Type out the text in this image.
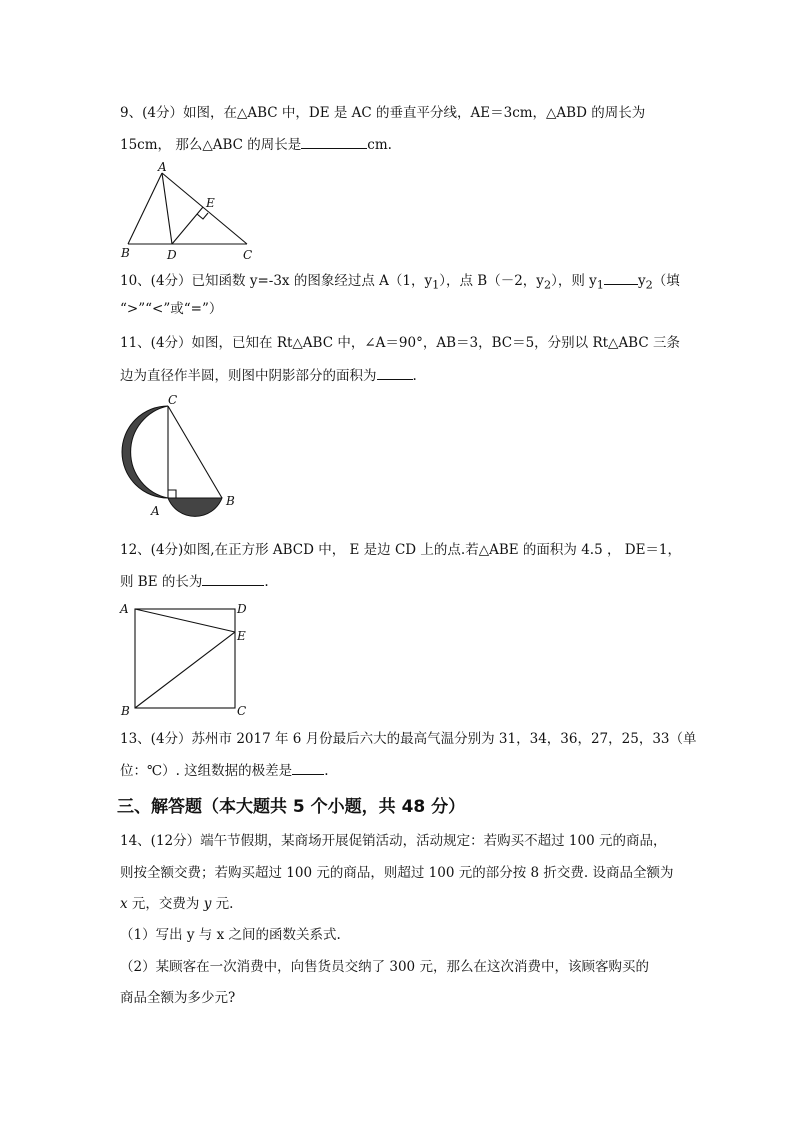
9、(4分）如图，在△ABC 中，DE 是 AC 的垂直平分线，AE＝3cm，△ABD 的周长为
15cm， 那么△ABC 的周长是	cm.
A
B	D	C
E
10、(4分）已知函数 y=-3x 的图象经过点 A（1，$y_1$），点 B（－2，$y_2$），则 $y_1$	$y_2$（填
“>”“<”或“=”）
11、(4分）如图，已知在 Rt△ABC 中，∠A＝90°，AB＝3，BC＝5，分别以 Rt△ABC 三条
边为直径作半圆，则图中阴影部分的面积为	.
C
A
B
12、(4分)如图,在正方形 ABCD 中， E 是边 CD 上的点.若△ABE 的面积为 4.5 ， DE＝1，
则 BE 的长为	.
A	D
E
B	C
13、(4分）苏州市 2017 年 6 月份最后六大的最高气温分别为 31，34，36，27，25，33（单
位：℃）. 这组数据的极差是 .
三、解答题（本大题共 5 个小题，共 48 分）
14、(12分）端午节假期，某商场开展促销活动，活动规定：若购买不超过 100 元的商品，
则按全额交费；若购买超过 100 元的商品，则超过 100 元的部分按 8 折交费. 设商品全额为
x 元，交费为 y 元.
（1）写出 y 与 x 之间的函数关系式.
（2）某顾客在一次消费中，向售货员交纳了 300 元，那么在这次消费中，该顾客购买的
商品全额为多少元?
